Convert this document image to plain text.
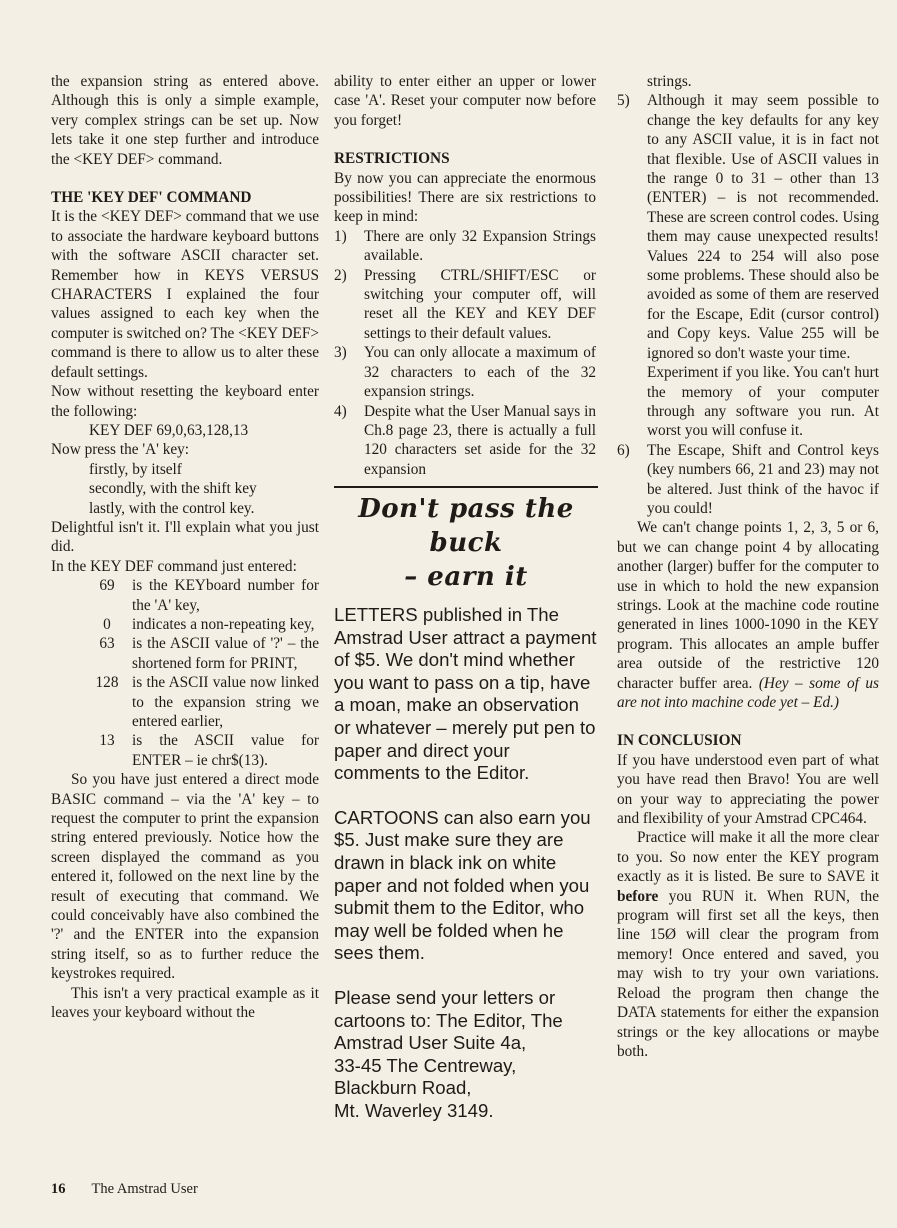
the expansion string as entered above. Although this is only a simple example, very complex strings can be set up. Now lets take it one step further and introduce the <KEY DEF> command.

THE 'KEY DEF' COMMAND

It is the <KEY DEF> command that we use to associate the hardware keyboard buttons with the software ASCII character set. Remember how in KEYS VERSUS CHARACTERS I explained the four values assigned to each key when the computer is switched on? The <KEY DEF> command is there to allow us to alter these default settings.

Now without resetting the keyboard enter the following:

KEY DEF 69,0,63,128,13

Now press the 'A' key:

firstly, by itself

secondly, with the shift key

lastly, with the control key.

Delightful isn't it. I'll explain what you just did.

In the KEY DEF command just entered:

69	is the KEYboard number for the 'A' key,
0	indicates a non-repeating key,
63	is the ASCII value of '?' – the shortened form for PRINT,
128 is the ASCII value now linked to the expansion string we entered earlier,
13	is the ASCII value for ENTER – ie chr$(13).

So you have just entered a direct mode BASIC command – via the 'A' key – to request the computer to print the expansion string entered previously. Notice how the screen displayed the command as you entered it, followed on the next line by the result of executing that command. We could conceivably have also combined the '?' and the ENTER into the expansion string itself, so as to further reduce the keystrokes required.

This isn't a very practical example as it leaves your keyboard without the

ability to enter either an upper or lower case 'A'. Reset your computer now before you forget!

RESTRICTIONS

By now you can appreciate the enormous possibilities! There are six restrictions to keep in mind:

1)	There are only 32 Expansion Strings available.
2)	Pressing CTRL/SHIFT/ESC or switching your computer off, will reset all the KEY and KEY DEF settings to their default values.
3)	You can only allocate a maximum of 32 characters to each of the 32 expansion strings.
4)	Despite what the User Manual says in Ch.8 page 23, there is actually a full 120 characters set aside for the 32 expansion
Don't pass the buck
– earn it

LETTERS published in The Amstrad User attract a payment of $5. We don't mind whether you want to pass on a tip, have a moan, make an observation or whatever – merely put pen to paper and direct your comments to the Editor.

CARTOONS can also earn you $5. Just make sure they are drawn in black ink on white paper and not folded when you submit them to the Editor, who may well be folded when he sees them.

Please send your letters or
cartoons to: The Editor, The
Amstrad User Suite 4a,
33-45 The Centreway,
Blackburn Road,
Mt. Waverley 3149.

strings.

5)	Although it may seem possible to change the key defaults for any key to any ASCII value, it is in fact not that flexible. Use of ASCII values in the range 0 to 31 – other than 13 (ENTER) – is not recommended. These are screen control codes. Using them may cause unexpected results! Values 224 to 254 will also pose some problems. These should also be avoided as some of them are reserved for the Escape, Edit (cursor control) and Copy keys. Value 255 will be ignored so don't waste your time.
Experiment if you like. You can't hurt the memory of your computer through any software you run. At worst you will confuse it.
6)	The Escape, Shift and Control keys (key numbers 66, 21 and 23) may not be altered. Just think of the havoc if you could!

We can't change points 1, 2, 3, 5 or 6, but we can change point 4 by allocating another (larger) buffer for the computer to use in which to hold the new expansion strings. Look at the machine code routine generated in lines 1000-1090 in the KEY program. This allocates an ample buffer area outside of the restrictive 120 character buffer area. (Hey – some of us are not into machine code yet – Ed.)

IN CONCLUSION

If you have understood even part of what you have read then Bravo! You are well on your way to appreciating the power and flexibility of your Amstrad CPC464.

Practice will make it all the more clear to you. So now enter the KEY program exactly as it is listed. Be sure to SAVE it before you RUN it. When RUN, the program will first set all the keys, then line 15Ø will clear the program from memory! Once entered and saved, you may wish to try your own variations. Reload the program then change the DATA statements for either the expansion strings or the key allocations or maybe both.

16 The Amstrad User
